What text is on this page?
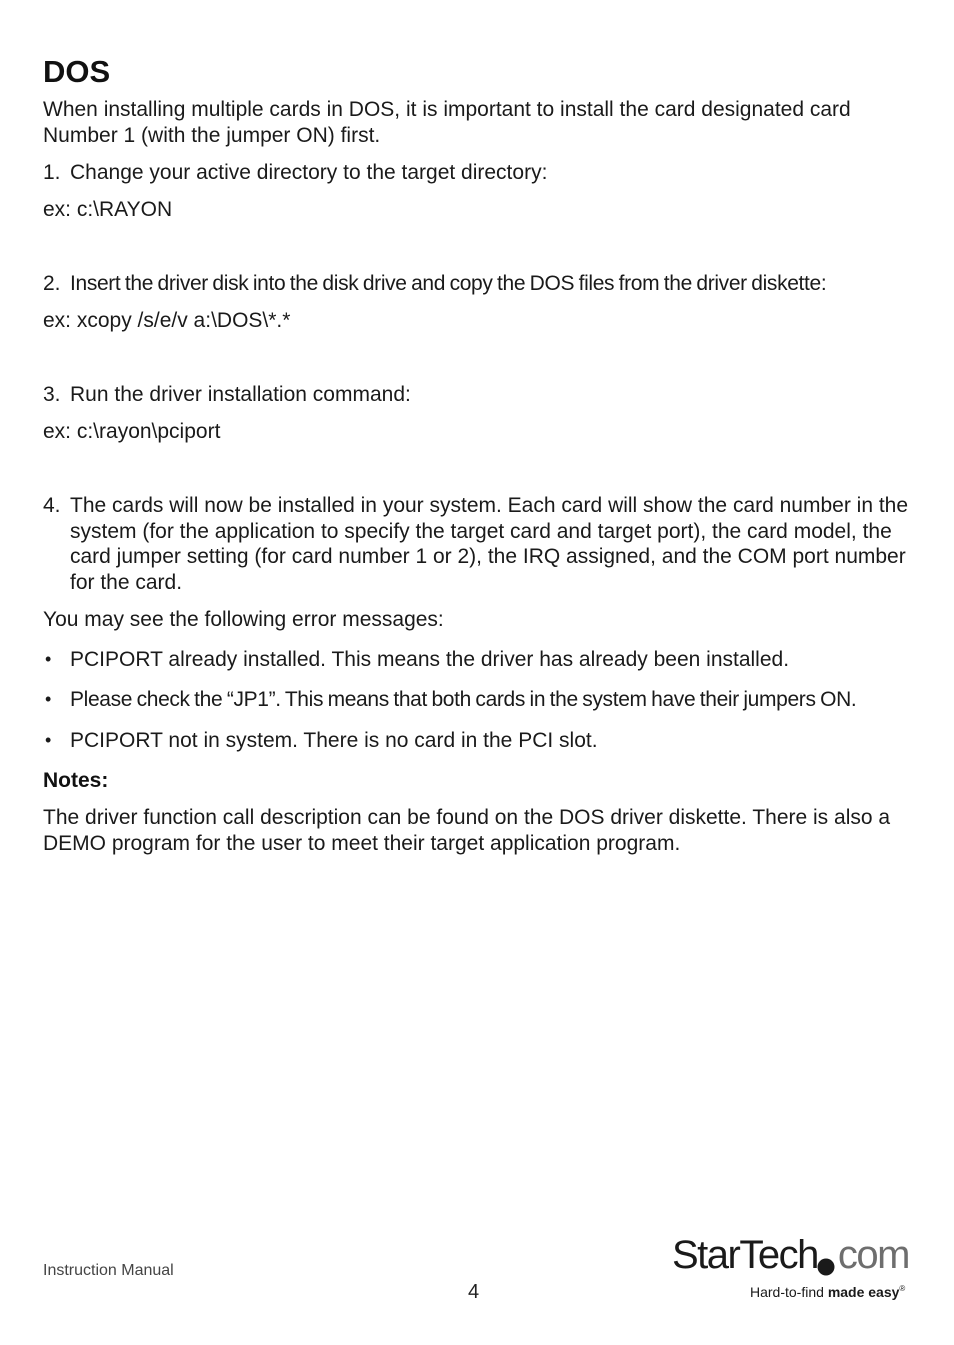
DOS

When installing multiple cards in DOS, it is important to install the card designated card Number 1 (with the jumper ON) first.

1. Change your active directory to the target directory:

ex: c:\RAYON

2. Insert the driver disk into the disk drive and copy the DOS files from the driver diskette:

ex: xcopy /s/e/v a:\DOS\*.*

3. Run the driver installation command:

ex: c:\rayon\pciport

4. The cards will now be installed in your system. Each card will show the card number in the system (for the application to specify the target card and target port), the card model, the card jumper setting (for card number 1 or 2), the IRQ assigned, and the COM port number for the card.

You may see the following error messages:

• PCIPORT already installed. This means the driver has already been installed.
• Please check the “JP1”. This means that both cards in the system have their jumpers ON.
• PCIPORT not in system. There is no card in the PCI slot.
Notes:

The driver function call description can be found on the DOS driver diskette. There is also a DEMO program for the user to meet their target application program.

Instruction Manual
4
StarTech com
Hard-to-find made easy®
